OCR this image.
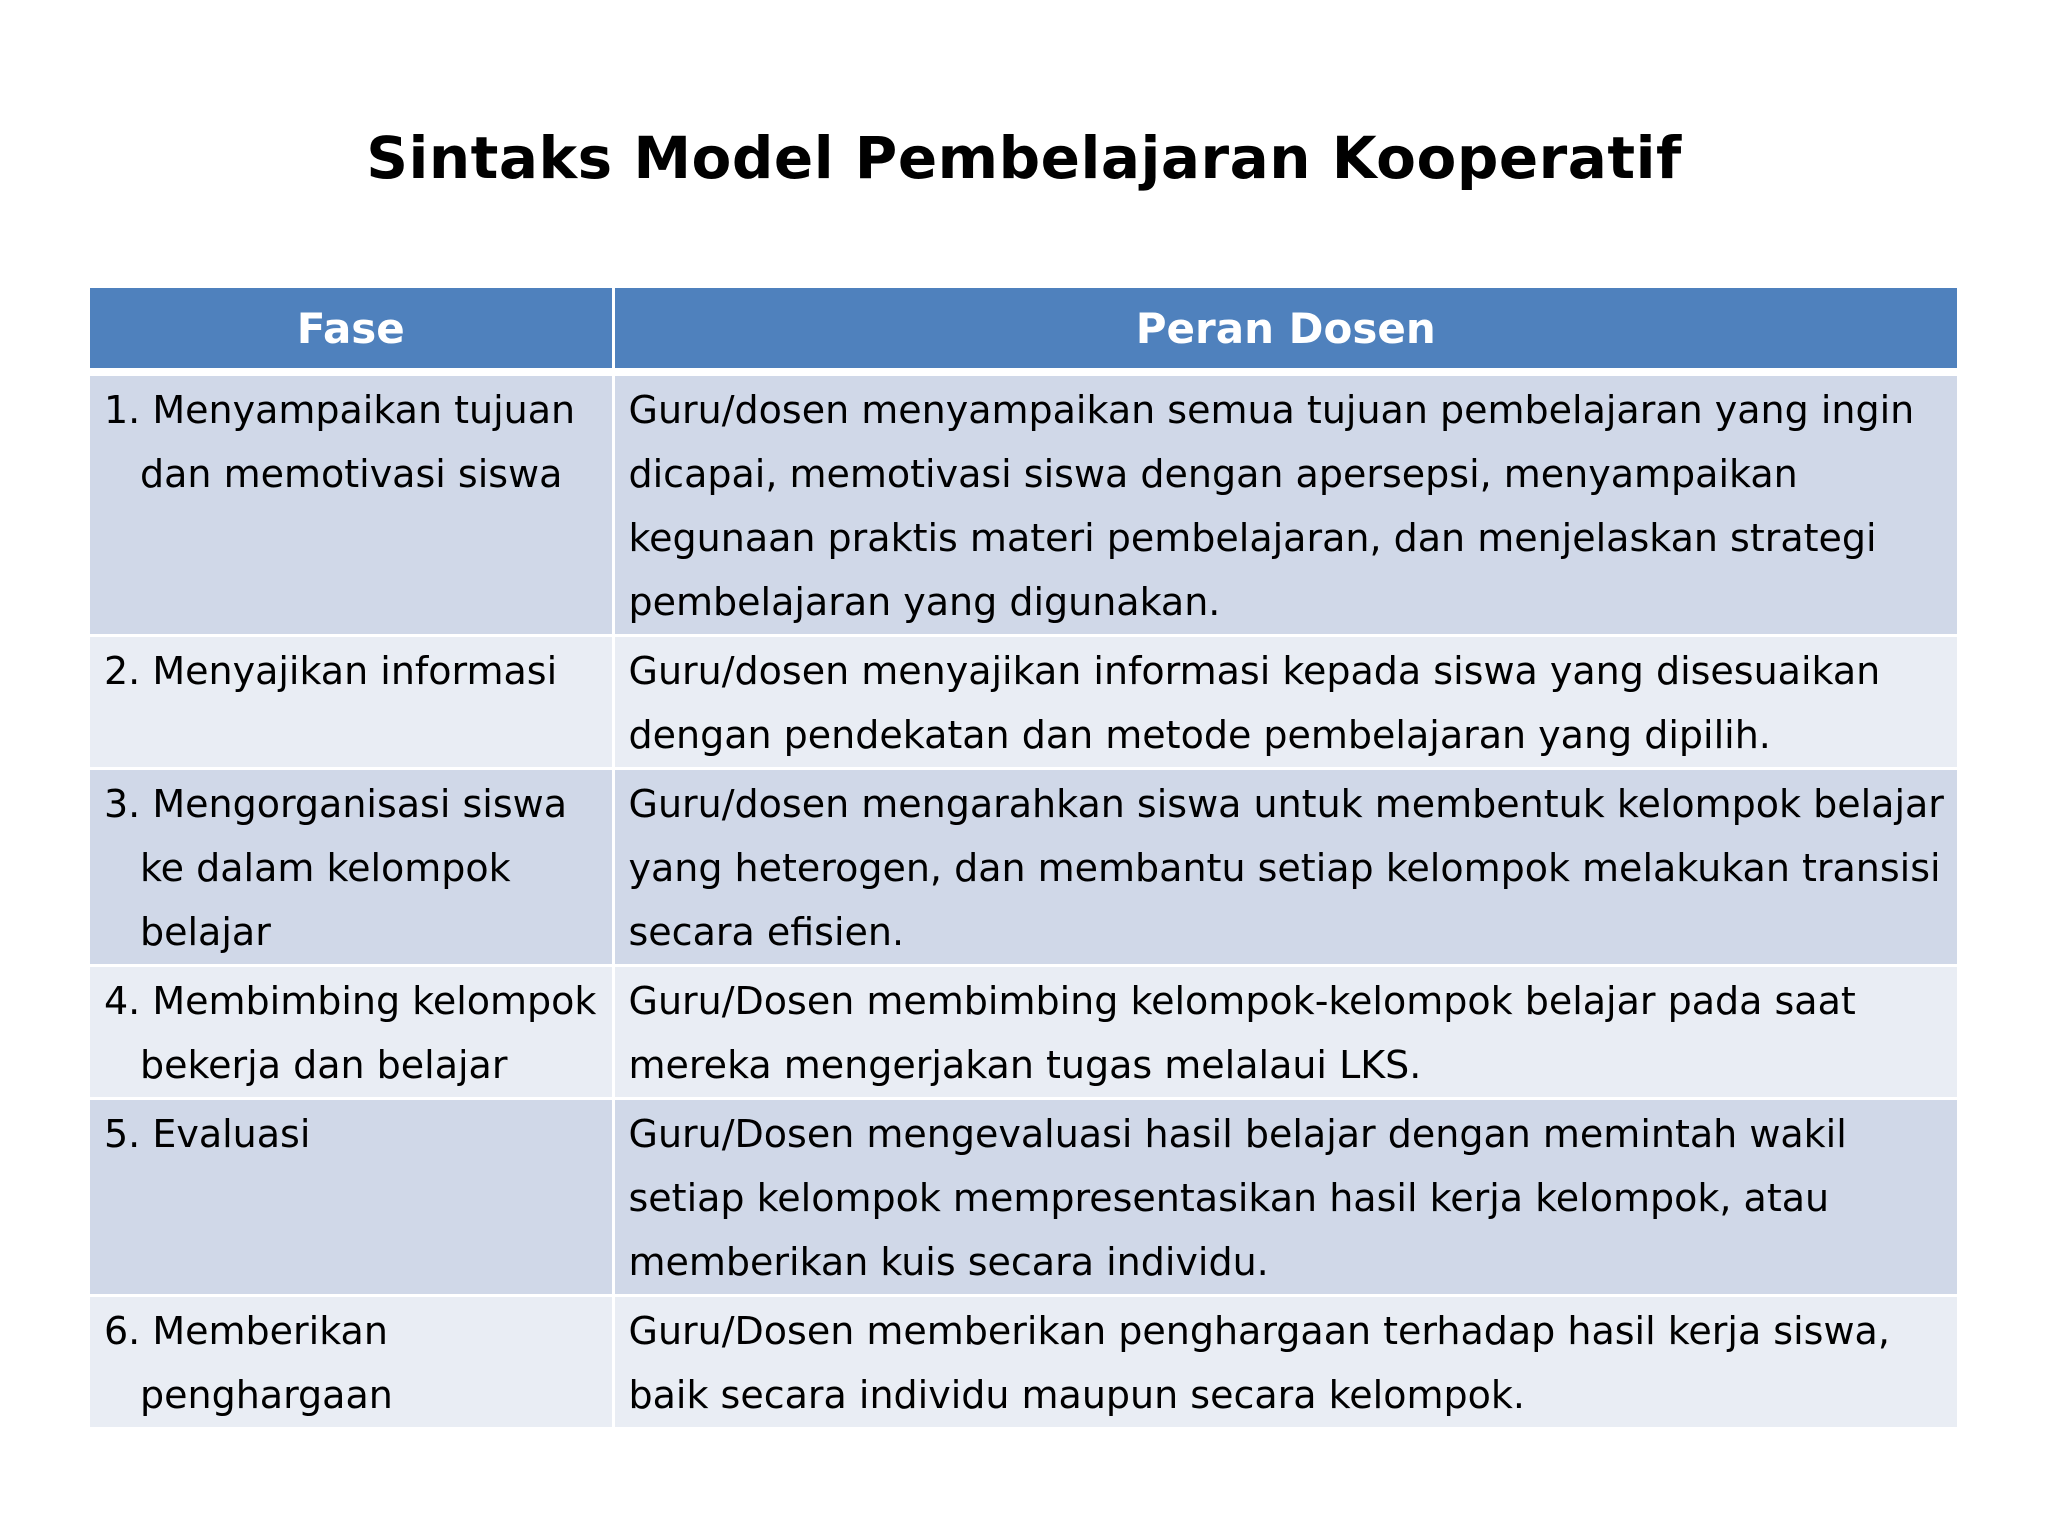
Sintaks Model Pembelajaran Kooperatif
Fase	Peran Dosen
1. Menyampaikan tujuan dan memotivasi siswa	Guru/dosen menyampaikan semua tujuan pembelajaran yang ingin dicapai, memotivasi siswa dengan apersepsi, menyampaikan kegunaan praktis materi pembelajaran, dan menjelaskan strategi pembelajaran yang digunakan.
2. Menyajikan informasi	Guru/dosen menyajikan informasi kepada siswa yang disesuaikan dengan pendekatan dan metode pembelajaran yang dipilih.
3. Mengorganisasi siswa ke dalam kelompok belajar	Guru/dosen mengarahkan siswa untuk membentuk kelompok belajar yang heterogen, dan membantu setiap kelompok melakukan transisi secara efisien.
4. Membimbing kelompok bekerja dan belajar	Guru/Dosen membimbing kelompok-kelompok belajar pada saat mereka mengerjakan tugas melalaui LKS.
5. Evaluasi	Guru/Dosen mengevaluasi hasil belajar dengan memintah wakil setiap kelompok mempresentasikan hasil kerja kelompok, atau memberikan kuis secara individu.
6. Memberikan penghargaan	Guru/Dosen memberikan penghargaan terhadap hasil kerja siswa, baik secara individu maupun secara kelompok.
